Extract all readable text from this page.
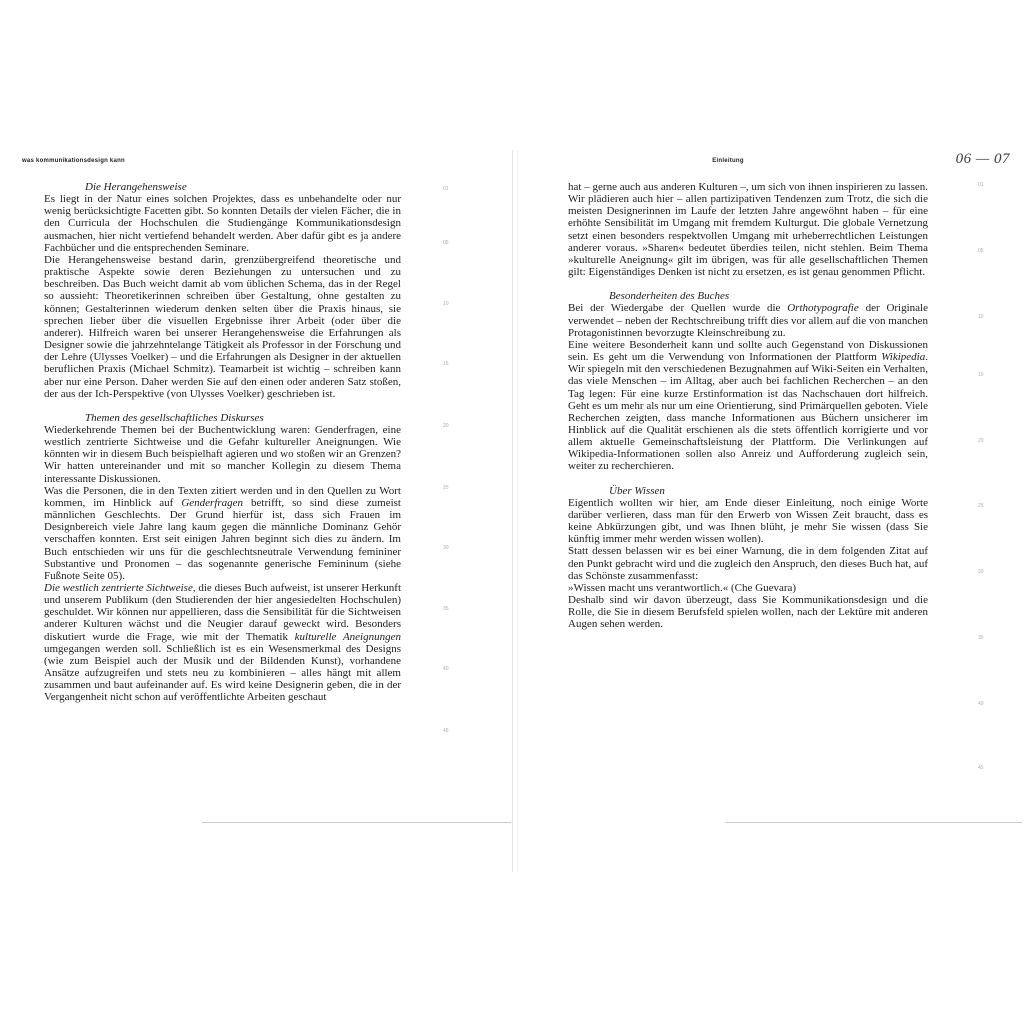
was kommunikationsdesign kann	Einleitung	06 — 07
Die Herangehensweise

Es liegt in der Natur eines solchen Projektes, dass es unbehandelte oder nur wenig berücksichtigte Facetten gibt. So konnten Details der vielen Fächer, die in den Curricula der Hochschulen die Studiengänge Kommunikationsdesign ausmachen, hier nicht vertiefend behandelt werden. Aber dafür gibt es ja andere Fachbücher und die entsprechenden Seminare.

Die Herangehensweise bestand darin, grenzübergreifend theoretische und praktische Aspekte sowie deren Beziehungen zu untersuchen und zu beschreiben. Das Buch weicht damit ab vom üblichen Schema, das in der Regel so aussieht: Theoretikerinnen schreiben über Gestaltung, ohne gestalten zu können; Gestalterinnen wiederum denken selten über die Praxis hinaus, sie sprechen lieber über die visuellen Ergebnisse ihrer Arbeit (oder über die anderer). Hilfreich waren bei unserer Herangehensweise die Erfahrungen als Designer sowie die jahrzehntelange Tätigkeit als Professor in der Forschung und der Lehre (Ulysses Voelker) – und die Erfahrungen als Designer in der aktuellen beruflichen Praxis (Michael Schmitz). Teamarbeit ist wichtig – schreiben kann aber nur eine Person. Daher werden Sie auf den einen oder anderen Satz stoßen, der aus der Ich-Perspektive (von Ulysses Voelker) geschrieben ist.

Themen des gesellschaftliches Diskurses

Wiederkehrende Themen bei der Buchentwicklung waren: Genderfragen, eine westlich zentrierte Sichtweise und die Gefahr kultureller Aneignungen. Wie könnten wir in diesem Buch beispielhaft agieren und wo stoßen wir an Grenzen? Wir hatten untereinander und mit so mancher Kollegin zu diesem Thema interessante Diskussionen.

Was die Personen, die in den Texten zitiert werden und in den Quellen zu Wort kommen, im Hinblick auf Genderfragen betrifft, so sind diese zumeist männlichen Geschlechts. Der Grund hierfür ist, dass sich Frauen im Designbereich viele Jahre lang kaum gegen die männliche Dominanz Gehör verschaffen konnten. Erst seit einigen Jahren beginnt sich dies zu ändern. Im Buch entschieden wir uns für die geschlechtsneutrale Verwendung femininer Substantive und Pronomen – das sogenannte generische Femininum (siehe Fußnote Seite 05).

Die westlich zentrierte Sichtweise, die dieses Buch aufweist, ist unserer Herkunft und unserem Publikum (den Studierenden der hier angesiedelten Hochschulen) geschuldet. Wir können nur appellieren, dass die Sensibilität für die Sichtweisen anderer Kulturen wächst und die Neugier darauf geweckt wird. Besonders diskutiert wurde die Frage, wie mit der Thematik kulturelle Aneignungen umgegangen werden soll. Schließlich ist es ein Wesensmerkmal des Designs (wie zum Beispiel auch der Musik und der Bildenden Kunst), vorhandene Ansätze aufzugreifen und stets neu zu kombinieren – alles hängt mit allem zusammen und baut aufeinander auf. Es wird keine Designerin geben, die in der Vergangenheit nicht schon auf veröffentlichte Arbeiten geschaut

hat – gerne auch aus anderen Kulturen –, um sich von ihnen inspirieren zu lassen. Wir plädieren auch hier – allen partizipativen Tendenzen zum Trotz, die sich die meisten Designerinnen im Laufe der letzten Jahre angewöhnt haben – für eine erhöhte Sensibilität im Umgang mit fremdem Kulturgut. Die globale Vernetzung setzt einen besonders respektvollen Umgang mit urheberrechtlichen Leistungen anderer voraus. »Sharen« bedeutet überdies teilen, nicht stehlen. Beim Thema »kulturelle Aneignung« gilt im übrigen, was für alle gesellschaftlichen Themen gilt: Eigenständiges Denken ist nicht zu ersetzen, es ist genau genommen Pflicht.

Besonderheiten des Buches

Bei der Wiedergabe der Quellen wurde die Orthotypografie der Originale verwendet – neben der Rechtschreibung trifft dies vor allem auf die von manchen Protagonistinnen bevorzugte Kleinschreibung zu.

Eine weitere Besonderheit kann und sollte auch Gegenstand von Diskussionen sein. Es geht um die Verwendung von Informationen der Plattform Wikipedia. Wir spiegeln mit den verschiedenen Bezugnahmen auf Wiki-Seiten ein Verhalten, das viele Menschen – im Alltag, aber auch bei fachlichen Recherchen – an den Tag legen: Für eine kurze Erstinformation ist das Nachschauen dort hilfreich. Geht es um mehr als nur um eine Orientierung, sind Primärquellen geboten. Viele Recherchen zeigten, dass manche Informationen aus Büchern unsicherer im Hinblick auf die Qualität erschienen als die stets öffentlich korrigierte und vor allem aktuelle Gemeinschaftsleistung der Plattform. Die Verlinkungen auf Wikipedia-Informationen sollen also Anreiz und Aufforderung zugleich sein, weiter zu recherchieren.

Über Wissen

Eigentlich wollten wir hier, am Ende dieser Einleitung, noch einige Worte darüber verlieren, dass man für den Erwerb von Wissen Zeit braucht, dass es keine Abkürzungen gibt, und was Ihnen blüht, je mehr Sie wissen (dass Sie künftig immer mehr werden wissen wollen).

Statt dessen belassen wir es bei einer Warnung, die in dem folgenden Zitat auf den Punkt gebracht wird und die zugleich den Anspruch, den dieses Buch hat, auf das Schönste zusammenfasst:

»Wissen macht uns verantwortlich.« (Che Guevara)

Deshalb sind wir davon überzeugt, dass Sie Kommunikationsdesign und die Rolle, die Sie in diesem Berufsfeld spielen wollen, nach der Lektüre mit anderen Augen sehen werden.

01
05
10
15
20
25
30
35
40
45
01
05
10
15
20
25
30
35
40
45
